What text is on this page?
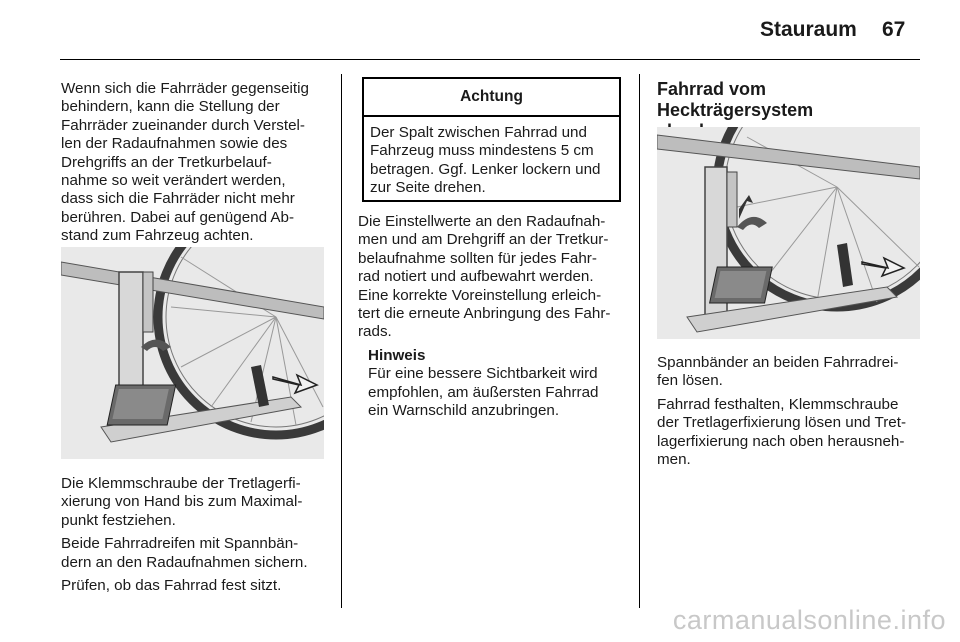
Stauraum 67

Wenn sich die Fahrräder gegenseitig
behindern, kann die Stellung der
Fahrräder zueinander durch Verstel-
len der Radaufnahmen sowie des
Drehgriffs an der Tretkurbelauf-
nahme so weit verändert werden,
dass sich die Fahrräder nicht mehr
berühren. Dabei auf genügend Ab-
stand zum Fahrzeug achten.

Die Klemmschraube der Tretlagerfi-
xierung von Hand bis zum Maximal-
punkt festziehen.

Beide Fahrradreifen mit Spannbän-
dern an den Radaufnahmen sichern.

Prüfen, ob das Fahrrad fest sitzt.

Achtung
Der Spalt zwischen Fahrrad und
Fahrzeug muss mindestens 5 cm
betragen. Ggf. Lenker lockern und
zur Seite drehen.

Die Einstellwerte an den Radaufnah-
men und am Drehgriff an der Tretkur-
belaufnahme sollten für jedes Fahr-
rad notiert und aufbewahrt werden.
Eine korrekte Voreinstellung erleich-
tert die erneute Anbringung des Fahr-
rads.

Hinweis

Für eine bessere Sichtbarkeit wird
empfohlen, am äußersten Fahrrad
ein Warnschild anzubringen.

Fahrrad vom Heckträgersystem

Spannbänder an beiden Fahrradrei-
fen lösen.

Fahrrad festhalten, Klemmschraube
der Tretlagerfixierung lösen und Tret-
lagerfixierung nach oben herausneh-
men.

carmanualsonline.info
